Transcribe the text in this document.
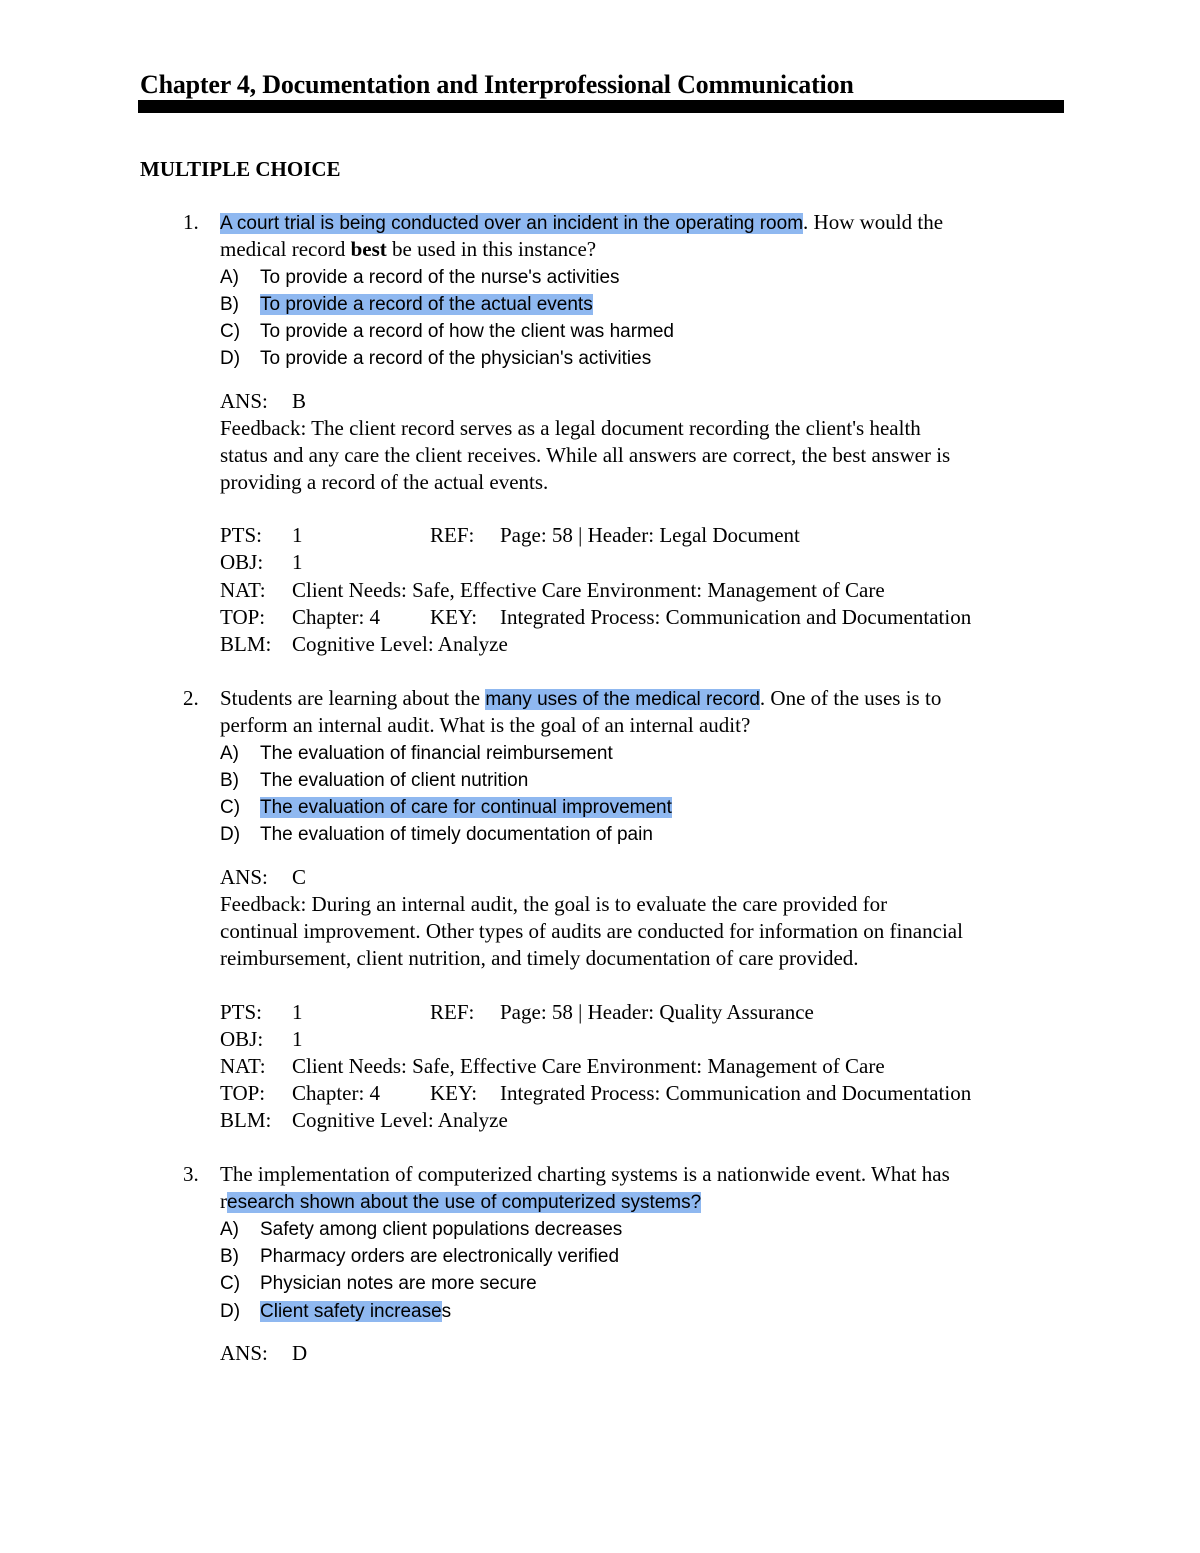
Chapter 4, Documentation and Interprofessional Communication
MULTIPLE CHOICE
1. A court trial is being conducted over an incident in the operating room. How would the
medical record best be used in this instance?
A) To provide a record of the nurse's activities
B) To provide a record of the actual events
C) To provide a record of how the client was harmed
D) To provide a record of the physician's activities
ANS: B
Feedback: The client record serves as a legal document recording the client's health
status and any care the client receives. While all answers are correct, the best answer is
providing a record of the actual events.
PTS: 1	REF: Page: 58 | Header: Legal Document
OBJ: 1
NAT: Client Needs: Safe, Effective Care Environment: Management of Care
TOP: Chapter: 4 KEY: Integrated Process: Communication and Documentation
BLM: Cognitive Level: Analyze
2. Students are learning about the many uses of the medical record. One of the uses is to
perform an internal audit. What is the goal of an internal audit?
A) The evaluation of financial reimbursement
B) The evaluation of client nutrition
C) The evaluation of care for continual improvement
D) The evaluation of timely documentation of pain
ANS: C
Feedback: During an internal audit, the goal is to evaluate the care provided for
continual improvement. Other types of audits are conducted for information on financial
reimbursement, client nutrition, and timely documentation of care provided.
PTS: 1	REF: Page: 58 | Header: Quality Assurance
OBJ: 1
NAT: Client Needs: Safe, Effective Care Environment: Management of Care
TOP: Chapter: 4 KEY: Integrated Process: Communication and Documentation
BLM: Cognitive Level: Analyze
3. The implementation of computerized charting systems is a nationwide event. What has
research shown about the use of computerized systems?
A) Safety among client populations decreases
B) Pharmacy orders are electronically verified
C) Physician notes are more secure
D) Client safety increases
ANS: D
